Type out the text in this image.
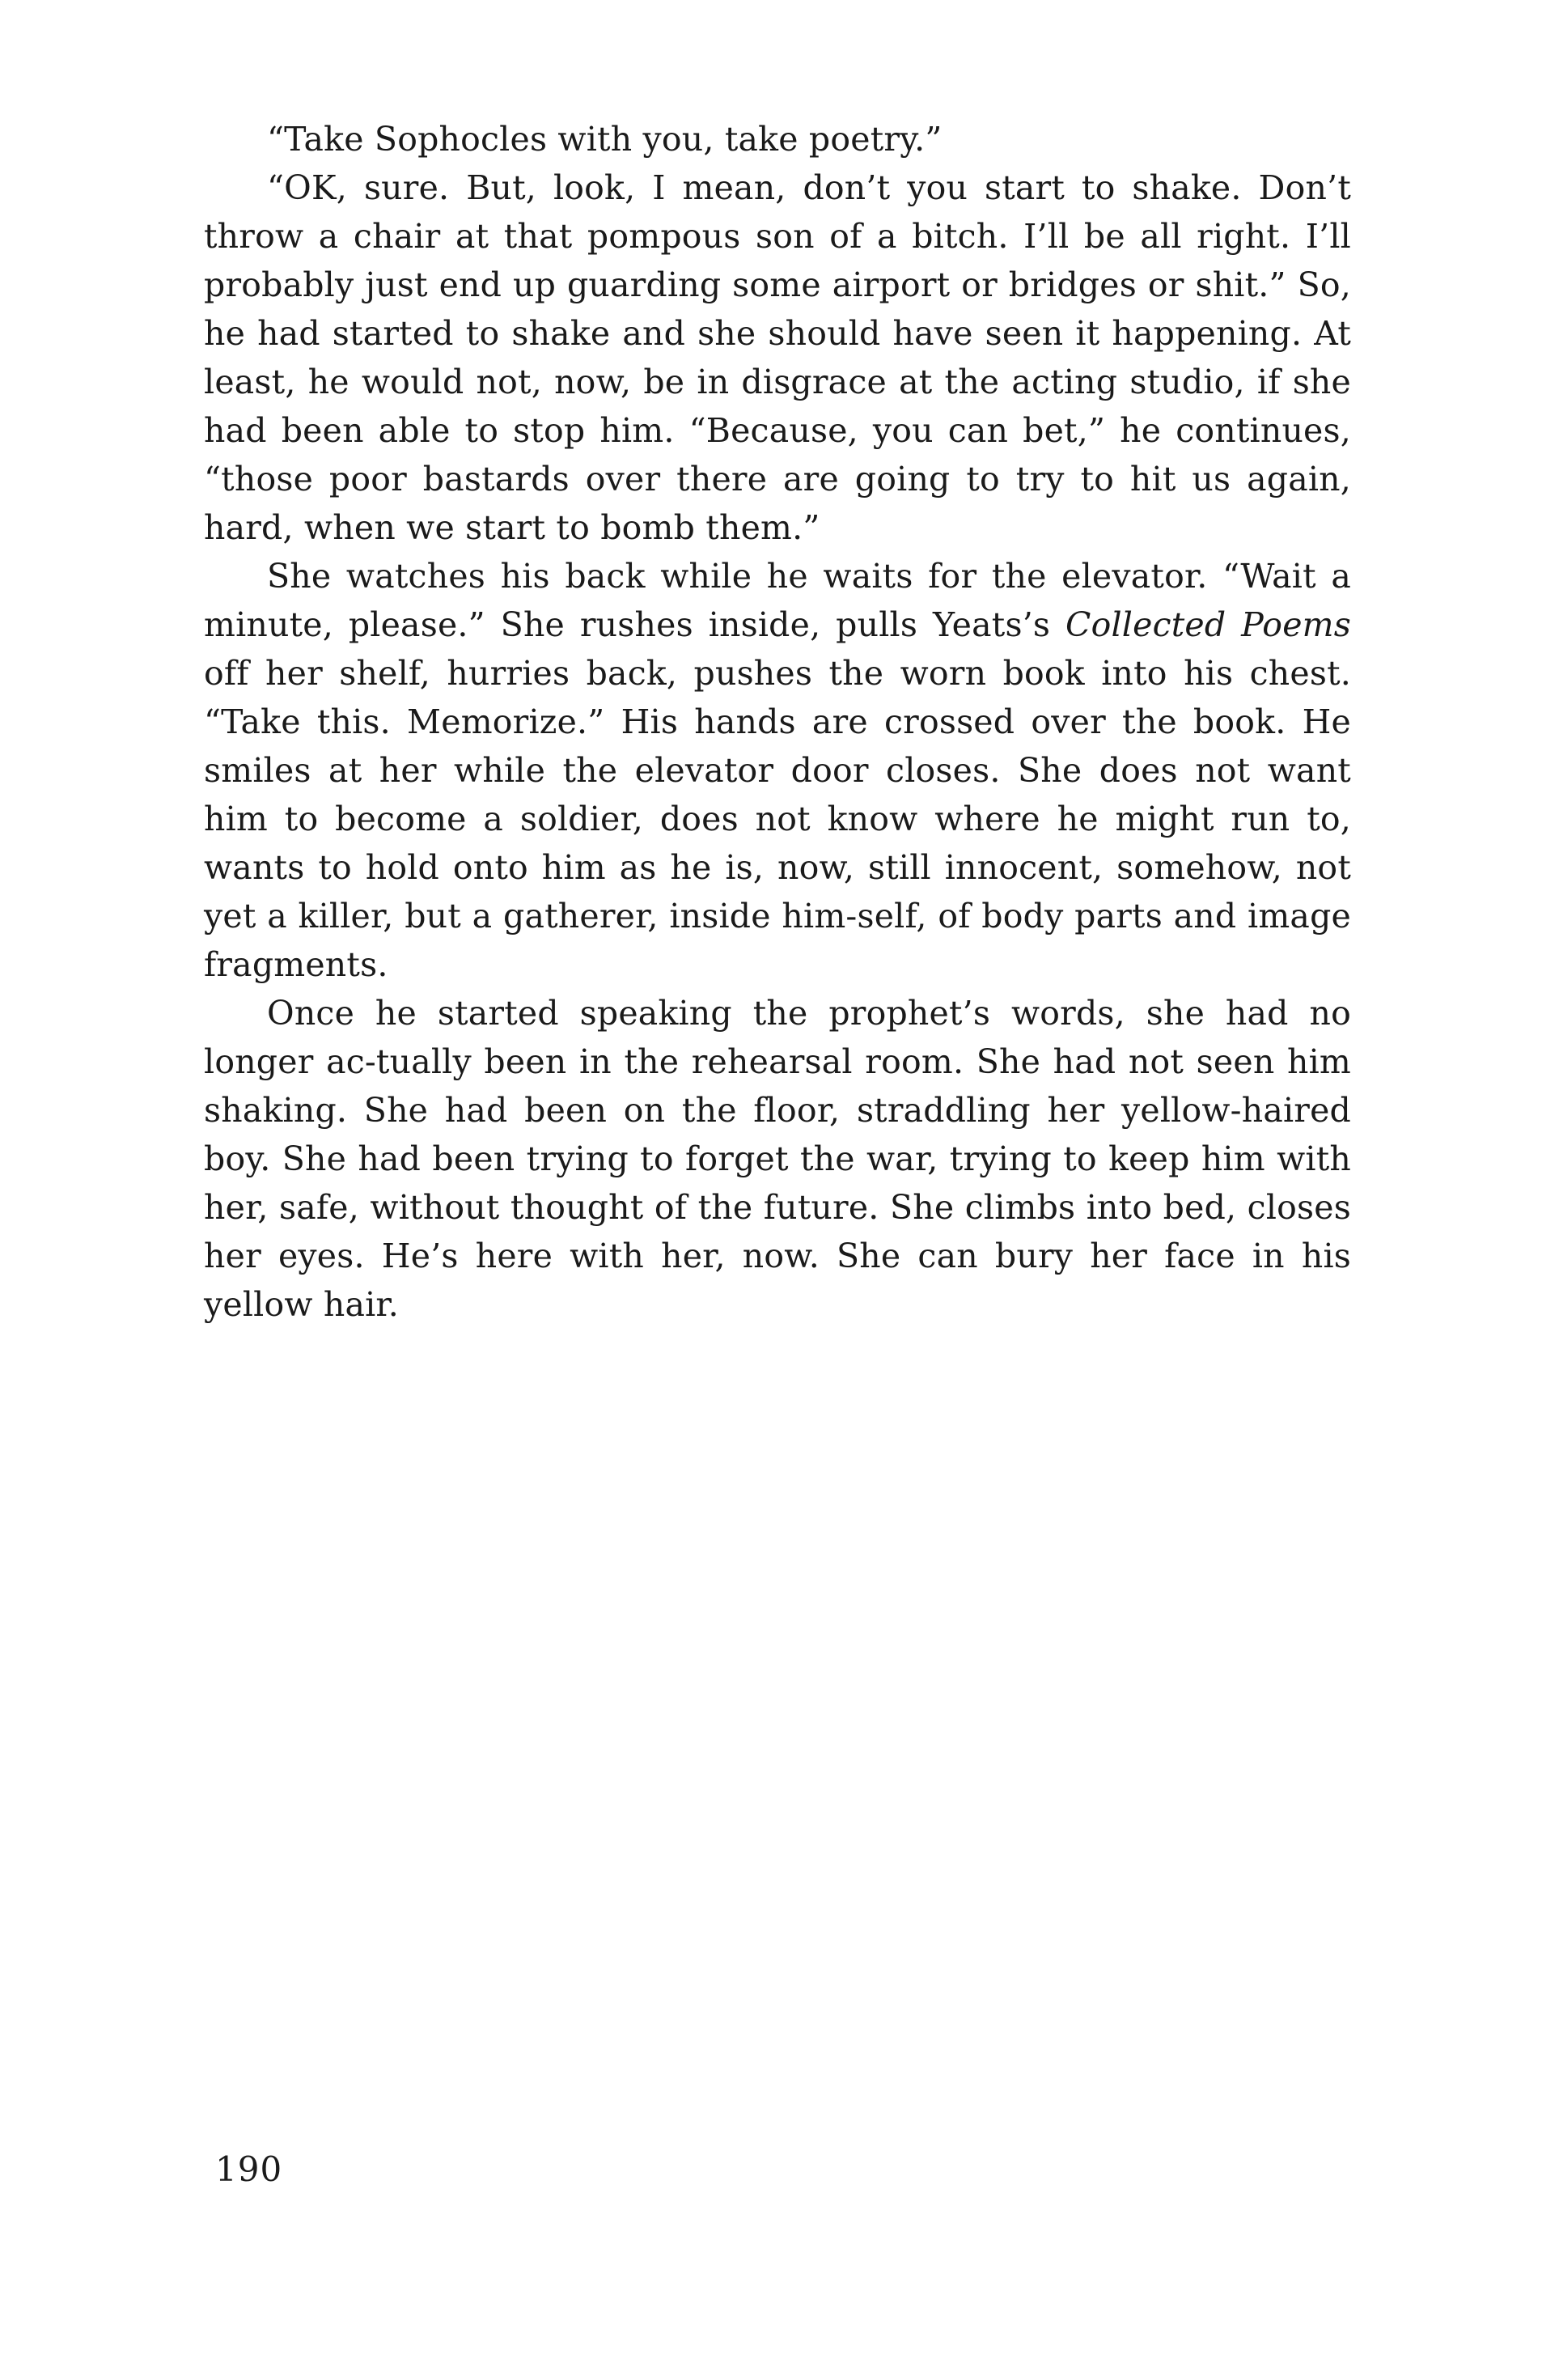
“Take Sophocles with you, take poetry.”

“OK, sure. But, look, I mean, don’t you start to shake. Don’t throw a chair at that pompous son of a bitch. I’ll be all right. I’ll probably just end up guarding some airport or bridges or shit.” So, he had started to shake and she should have seen it happening. At least, he would not, now, be in disgrace at the acting studio, if she had been able to stop him. “Because, you can bet,” he continues, “those poor bastards over there are going to try to hit us again, hard, when we start to bomb them.”

She watches his back while he waits for the elevator. “Wait a minute, please.” She rushes inside, pulls Yeats’s Collected Poems off her shelf, hurries back, pushes the worn book into his chest. “Take this. Memorize.” His hands are crossed over the book. He smiles at her while the elevator door closes. She does not want him to become a soldier, does not know where he might run to, wants to hold onto him as he is, now, still innocent, somehow, not yet a killer, but a gatherer, inside him‑self, of body parts and image fragments.

Once he started speaking the prophet’s words, she had no longer ac‑tually been in the rehearsal room. She had not seen him shaking. She had been on the floor, straddling her yellow-haired boy. She had been trying to forget the war, trying to keep him with her, safe, without thought of the future. She climbs into bed, closes her eyes. He’s here with her, now. She can bury her face in his yellow hair.

190
